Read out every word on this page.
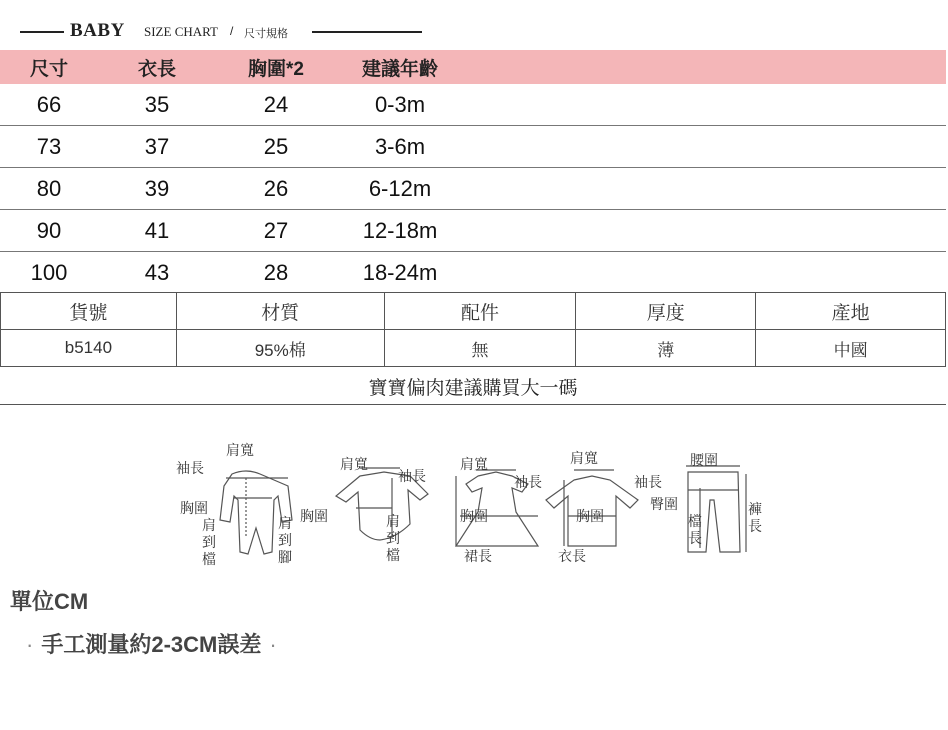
BABY SIZE CHART / 尺寸規格
尺寸	衣長	胸圍*2	建議年齡
66	35	24	0-3m
73	37	25	3-6m
80	39	26	6-12m
90	41	27	12-18m
100	43	28	18-24m
貨號	材質	配件	厚度	產地
b5140	95%棉	無	薄	中國
寶寶偏肉建議購買大一碼
肩寬
袖長
胸圍
肩到檔
肩到腳
肩寬
袖長
胸圍	肩到檔
肩寬
袖長
胸圍
裙長
肩寬
袖長
胸圍
衣長
腰圍
臀圍
檔長
褲長
單位CM
· 手工測量約2-3CM誤差 ·
